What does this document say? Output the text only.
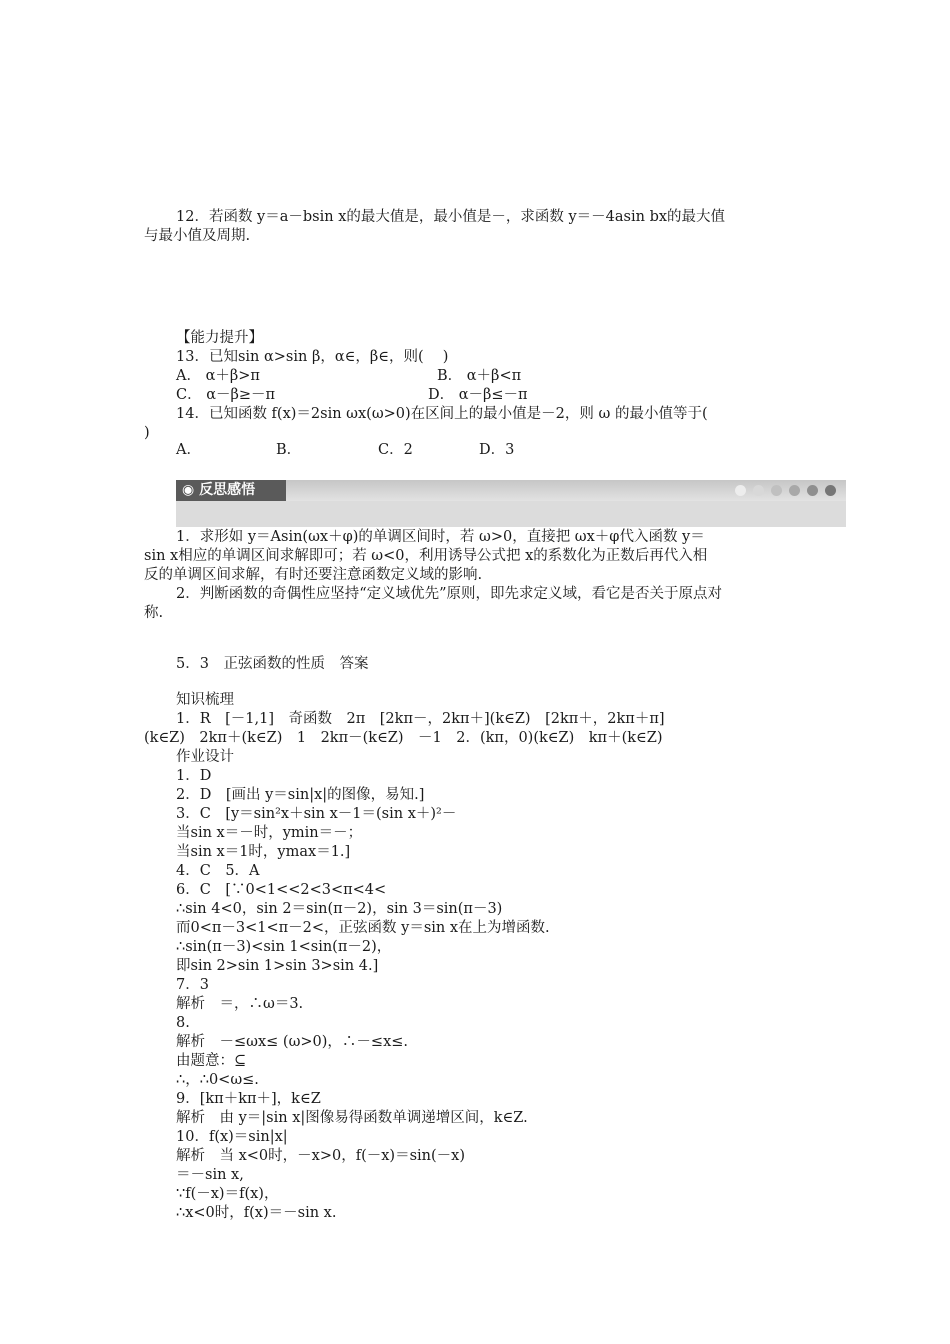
12．若函数 y＝a－bsin x的最大值是，最小值是－，求函数 y＝－4asin bx的最大值
与最小值及周期.
【能力提升】
13．已知sin α>sin β，α∈，β∈，则(　 )
A． α＋β>π	B． α＋β<π
C． α－β≥－π	D． α－β≤－π
14．已知函数 f(x)＝2sin ωx(ω>0)在区间上的最小值是－2，则 ω 的最小值等于(
)
A．	B．	C．2	D．3
◉ 反思感悟
1．求形如 y＝Asin(ωx＋φ)的单调区间时，若 ω>0，直接把 ωx＋φ代入函数 y＝
sin x相应的单调区间求解即可；若 ω<0，利用诱导公式把 x的系数化为正数后再代入相
反的单调区间求解，有时还要注意函数定义域的影响.
2．判断函数的奇偶性应坚持“定义域优先”原则，即先求定义域，看它是否关于原点对
称.
5．3　正弦函数的性质　答案
知识梳理
1．R　[－1,1]　奇函数　2π　[2kπ－，2kπ＋](k∈Z)　[2kπ＋，2kπ＋π]
(k∈Z)　2kπ＋(k∈Z)　1　2kπ－(k∈Z)　－1　2．(kπ，0)(k∈Z)　kπ＋(k∈Z)
作业设计
1．D
2．D　[画出 y＝sin|x|的图像，易知.]
3．C　[y＝sin²x＋sin x－1＝(sin x＋)²－
当sin x＝－时，ymin＝－；
当sin x＝1时，ymax＝1.]
4．C　5．A
6．C　[∵0<1<<2<3<π<4<
∴sin 4<0，sin 2＝sin(π－2)，sin 3＝sin(π－3)
而0<π－3<1<π－2<，正弦函数 y＝sin x在上为增函数.
∴sin(π－3)<sin 1<sin(π－2)，
即sin 2>sin 1>sin 3>sin 4.]
7．3
解析　＝，∴ω＝3.
8.
解析　－≤ωx≤ (ω>0)，∴－≤x≤.
由题意：⊆
∴，∴0<ω≤.
9．[kπ＋kπ＋]，k∈Z
解析　由 y＝|sin x|图像易得函数单调递增区间，k∈Z.
10．f(x)＝sin|x|
解析　当 x<0时，－x>0，f(－x)＝sin(－x)
＝－sin x,
∵f(－x)＝f(x)，
∴x<0时，f(x)＝－sin x.
